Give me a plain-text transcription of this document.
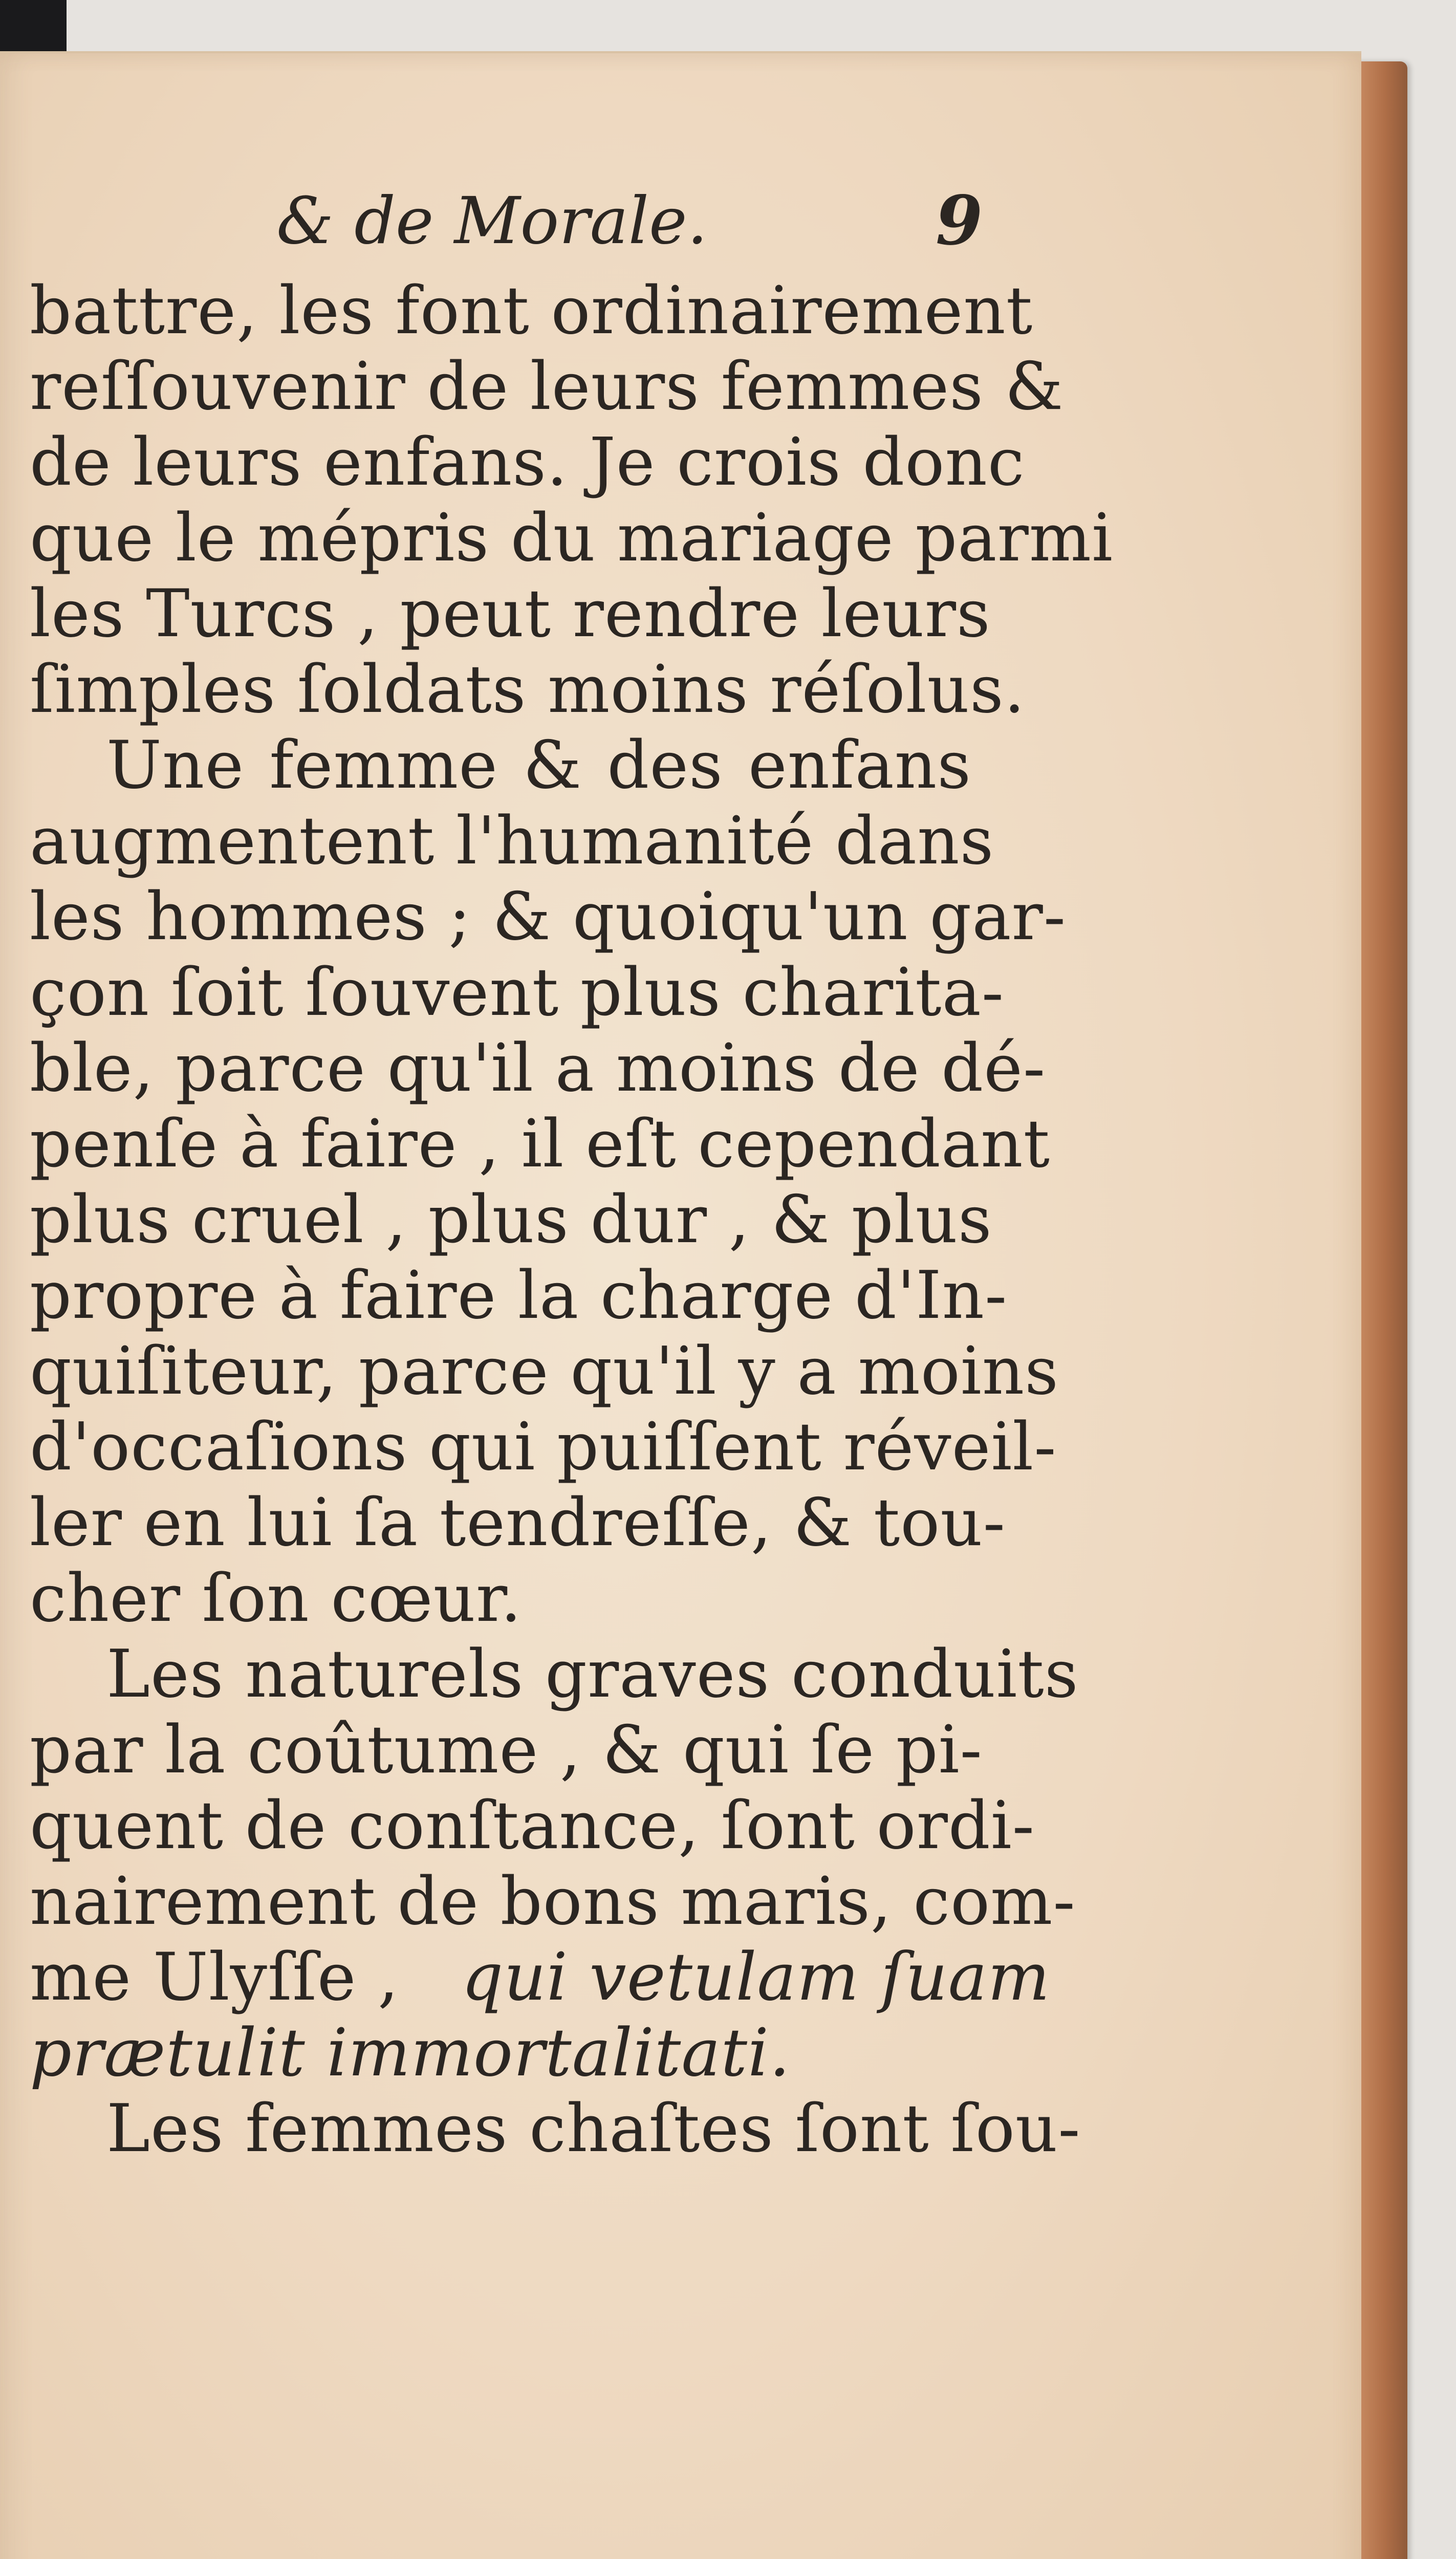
& de Morale.	9
battre, les font ordinairement
reſſouvenir de leurs femmes &
de leurs enfans. Je crois donc
que le mépris du mariage parmi
les Turcs , peut rendre leurs
ſimples ſoldats moins réſolus.
Une femme & des enfans
augmentent l'humanité dans
les hommes ; & quoiqu'un gar-
çon ſoit ſouvent plus charita-
ble, parce qu'il a moins de dé-
penſe à faire , il eſt cependant
plus cruel , plus dur , & plus
propre à faire la charge d'In-
quiſiteur, parce qu'il y a moins
d'occaſions qui puiſſent réveil-
ler en lui ſa tendreſſe, & tou-
cher ſon cœur.
Les naturels graves conduits
par la coûtume , & qui ſe pi-
quent de conſtance, ſont ordi-
nairement de bons maris, com-
me Ulyſſe , qui vetulam ſuam
prætulit immortalitati.
Les femmes chaſtes ſont ſou-
